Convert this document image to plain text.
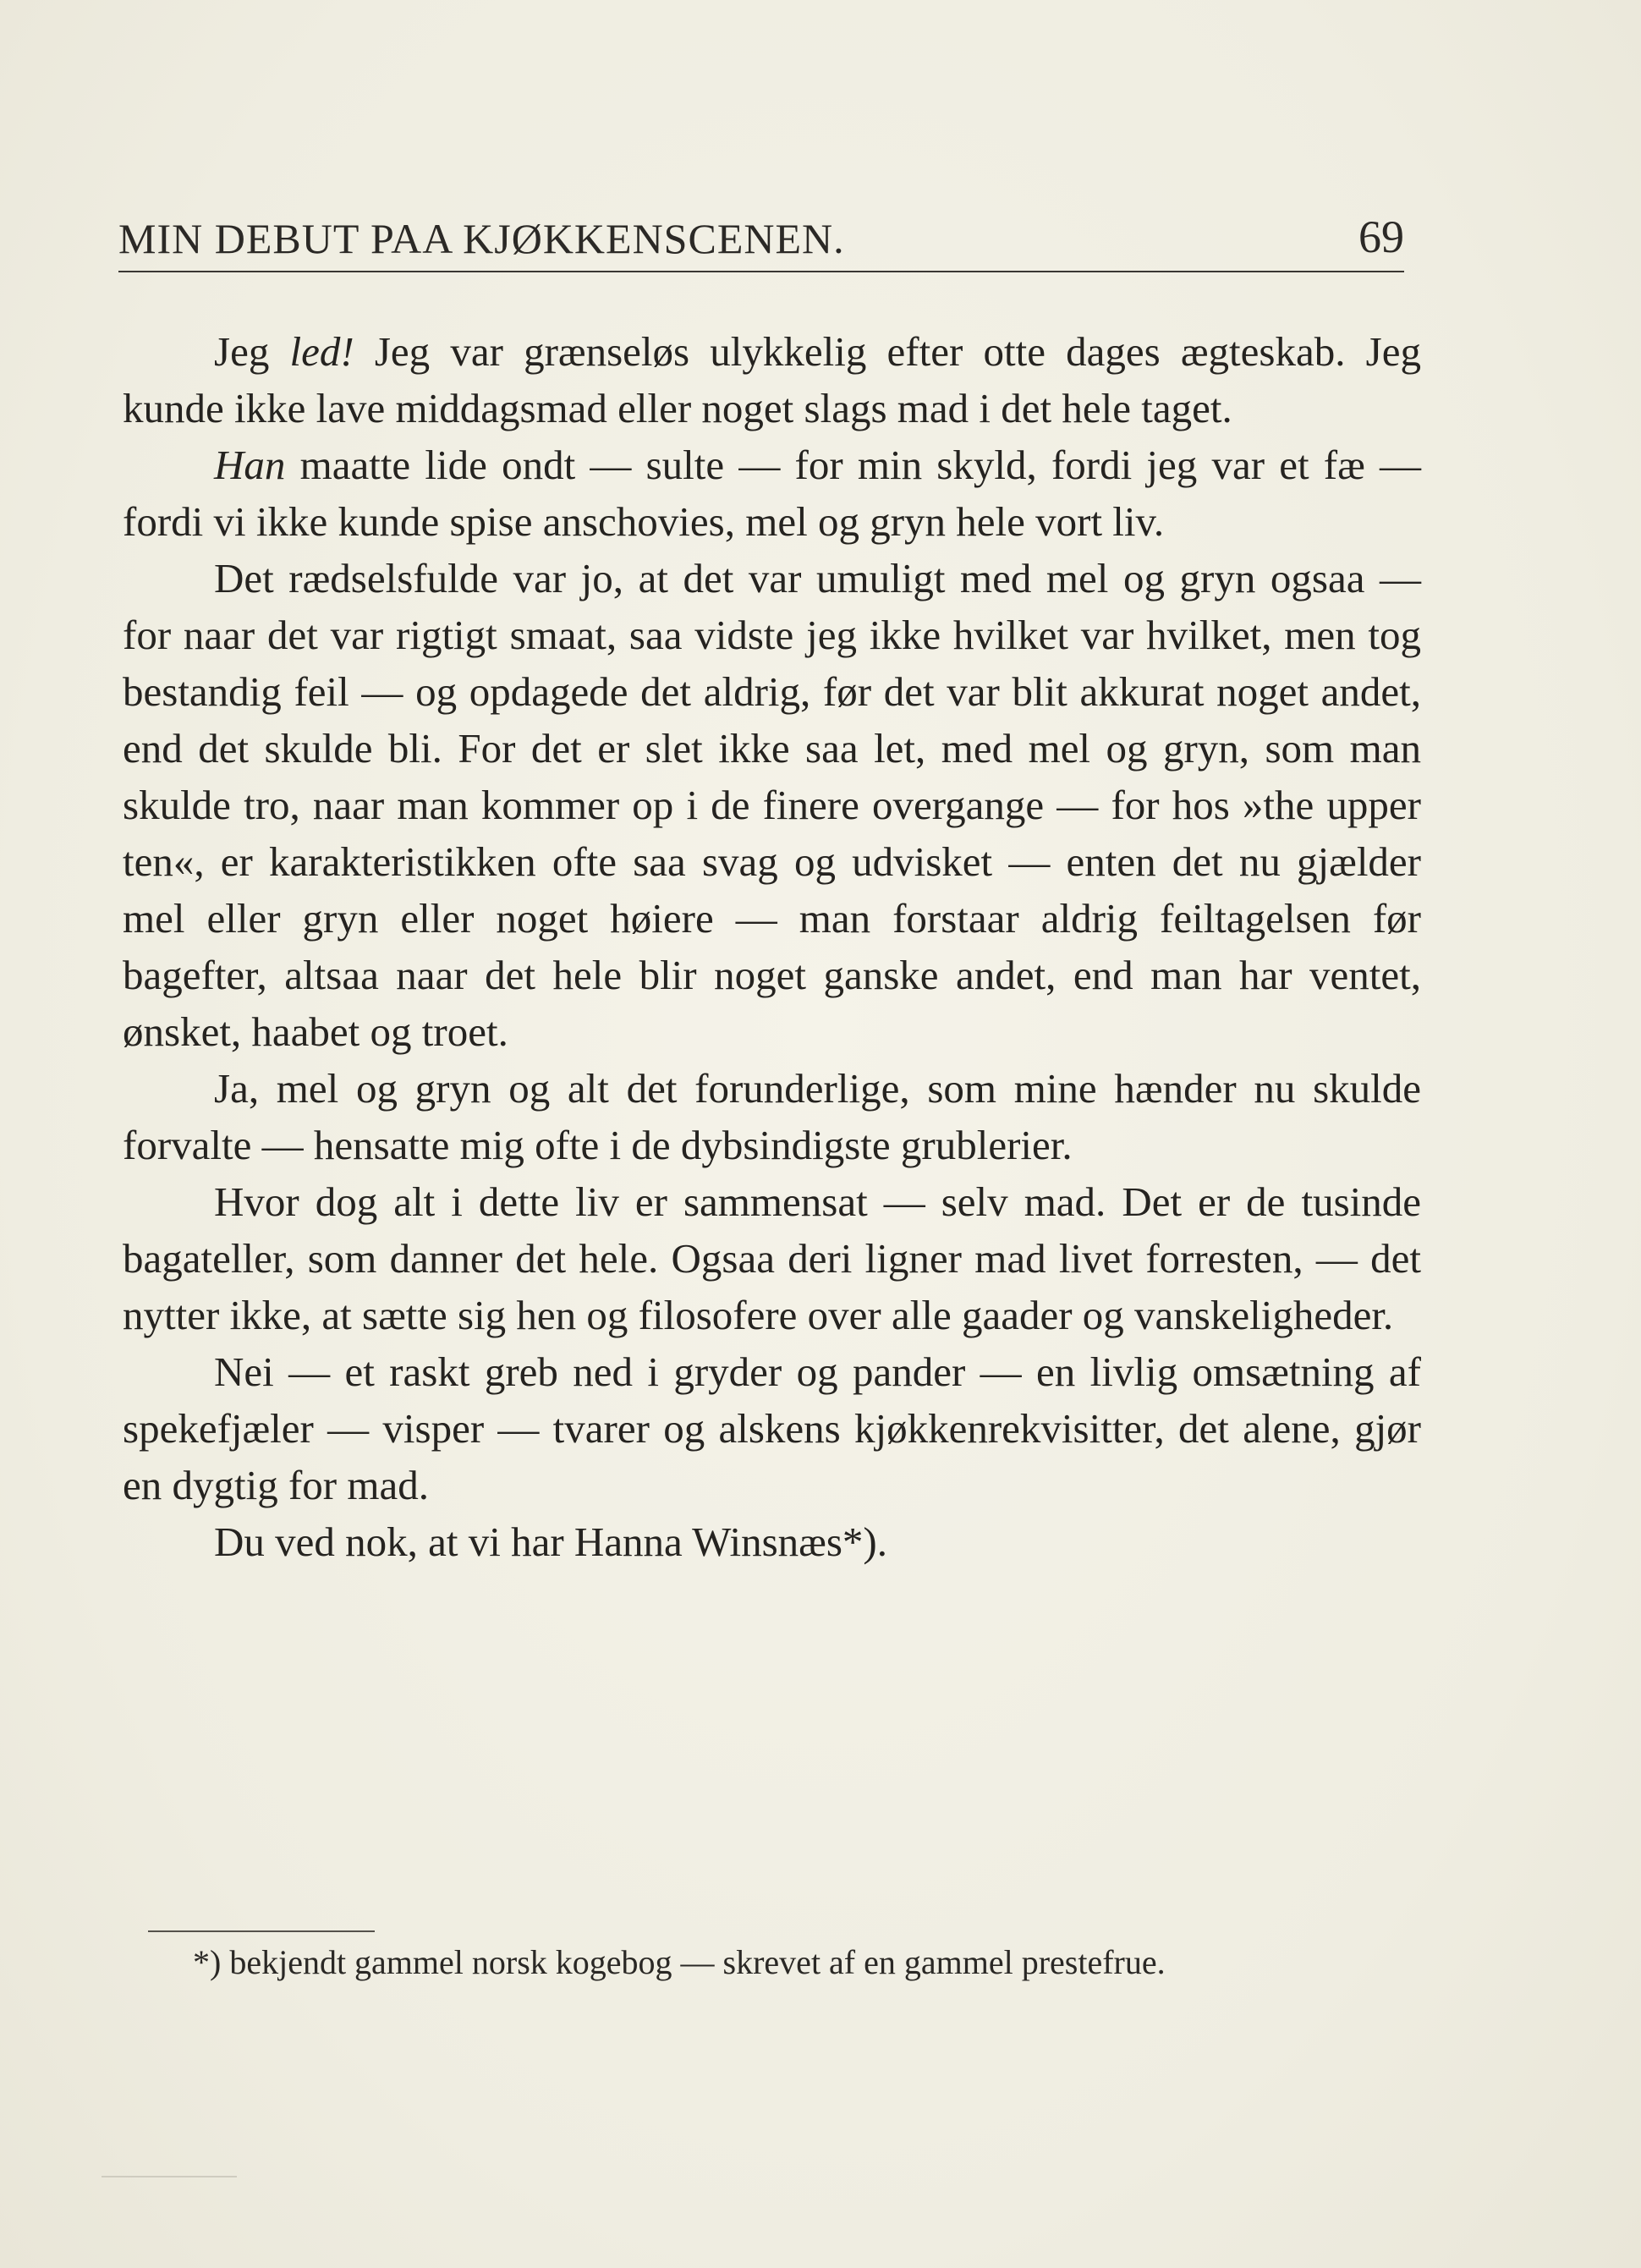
MIN DEBUT PAA KJØKKENSCENEN.	69

Jeg led! Jeg var grænseløs ulykkelig efter otte dages ægteskab. Jeg kunde ikke lave middagsmad eller noget slags mad i det hele taget.

Han maatte lide ondt — sulte — for min skyld, fordi jeg var et fæ — fordi vi ikke kunde spise anschovies, mel og gryn hele vort liv.

Det rædselsfulde var jo, at det var umuligt med mel og gryn ogsaa — for naar det var rigtigt smaat, saa vidste jeg ikke hvilket var hvilket, men tog bestandig feil — og opdagede det aldrig, før det var blit akkurat noget andet, end det skulde bli. For det er slet ikke saa let, med mel og gryn, som man skulde tro, naar man kommer op i de finere overgange — for hos »the upper ten«, er karakteristikken ofte saa svag og udvisket — enten det nu gjælder mel eller gryn eller noget høiere — man forstaar aldrig feiltagelsen før bagefter, altsaa naar det hele blir noget ganske andet, end man har ventet, ønsket, haabet og troet.

Ja, mel og gryn og alt det forunderlige, som mine hænder nu skulde forvalte — hensatte mig ofte i de dybsindigste grublerier.

Hvor dog alt i dette liv er sammensat — selv mad. Det er de tusinde bagateller, som danner det hele. Ogsaa deri ligner mad livet forresten, — det nytter ikke, at sætte sig hen og filosofere over alle gaader og vanskeligheder.

Nei — et raskt greb ned i gryder og pander — en livlig omsætning af spekefjæler — visper — tvarer og alskens kjøkkenrekvisitter, det alene, gjør en dygtig for mad.

Du ved nok, at vi har Hanna Winsnæs*).

*) bekjendt gammel norsk kogebog — skrevet af en gammel prestefrue.
